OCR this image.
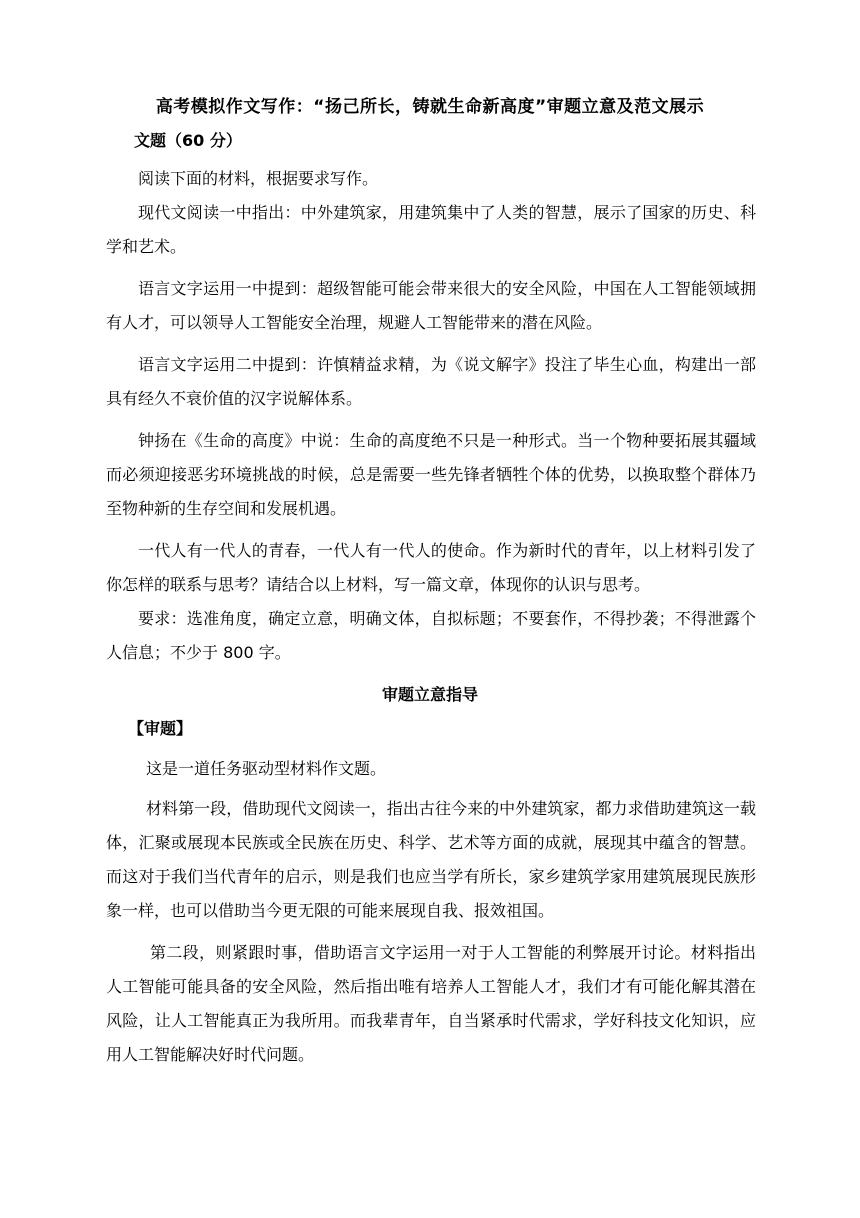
高考模拟作文写作：“扬己所长，铸就生命新高度”审题立意及范文展示
文题（60 分）
阅读下面的材料，根据要求写作。
现代文阅读一中指出：中外建筑家，用建筑集中了人类的智慧，展示了国家的历史、科学和艺术。
语言文字运用一中提到：超级智能可能会带来很大的安全风险，中国在人工智能领域拥有人才，可以领导人工智能安全治理，规避人工智能带来的潜在风险。
语言文字运用二中提到：许慎精益求精，为《说文解字》投注了毕生心血，构建出一部具有经久不衰价值的汉字说解体系。
钟扬在《生命的高度》中说：生命的高度绝不只是一种形式。当一个物种要拓展其疆域而必须迎接恶劣环境挑战的时候，总是需要一些先锋者牺牲个体的优势，以换取整个群体乃至物种新的生存空间和发展机遇。
一代人有一代人的青春，一代人有一代人的使命。作为新时代的青年，以上材料引发了你怎样的联系与思考？请结合以上材料，写一篇文章，体现你的认识与思考。
要求：选准角度，确定立意，明确文体，自拟标题；不要套作，不得抄袭；不得泄露个人信息；不少于 800 字。
审题立意指导
【审题】
这是一道任务驱动型材料作文题。
材料第一段，借助现代文阅读一，指出古往今来的中外建筑家，都力求借助建筑这一载体，汇聚或展现本民族或全民族在历史、科学、艺术等方面的成就，展现其中蕴含的智慧。而这对于我们当代青年的启示，则是我们也应当学有所长，家乡建筑学家用建筑展现民族形象一样，也可以借助当今更无限的可能来展现自我、报效祖国。
第二段，则紧跟时事，借助语言文字运用一对于人工智能的利弊展开讨论。材料指出人工智能可能具备的安全风险，然后指出唯有培养人工智能人才，我们才有可能化解其潜在风险，让人工智能真正为我所用。而我辈青年，自当紧承时代需求，学好科技文化知识，应用人工智能解决好时代问题。
